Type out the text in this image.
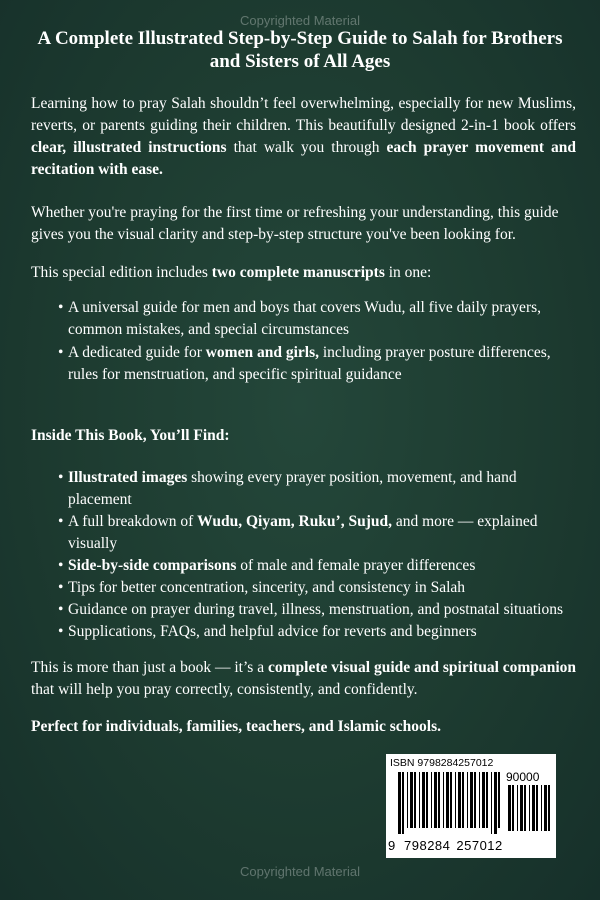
Copyrighted Material
A Complete Illustrated Step-by-Step Guide to Salah for Brothers and Sisters of All Ages
Learning how to pray Salah shouldn’t feel overwhelming, especially for new Muslims, reverts, or parents guiding their children. This beautifully designed 2-in-1 book offers clear, illustrated instructions that walk you through each prayer movement and recitation with ease.
Whether you're praying for the first time or refreshing your understanding, this guide gives you the visual clarity and step-by-step structure you've been looking for.
This special edition includes two complete manuscripts in one:
• A universal guide for men and boys that covers Wudu, all five daily prayers, common mistakes, and special circumstances
• A dedicated guide for women and girls, including prayer posture differences, rules for menstruation, and specific spiritual guidance
Inside This Book, You’ll Find:
• Illustrated images showing every prayer position, movement, and hand placement
• A full breakdown of Wudu, Qiyam, Ruku’, Sujud, and more — explained visually
• Side-by-side comparisons of male and female prayer differences
• Tips for better concentration, sincerity, and consistency in Salah
• Guidance on prayer during travel, illness, menstruation, and postnatal situations
• Supplications, FAQs, and helpful advice for reverts and beginners
This is more than just a book — it’s a complete visual guide and spiritual companion that will help you pray correctly, consistently, and confidently.
Perfect for individuals, families, teachers, and Islamic schools.
ISBN 9798284257012
90000
9 798284 257012
Copyrighted Material
